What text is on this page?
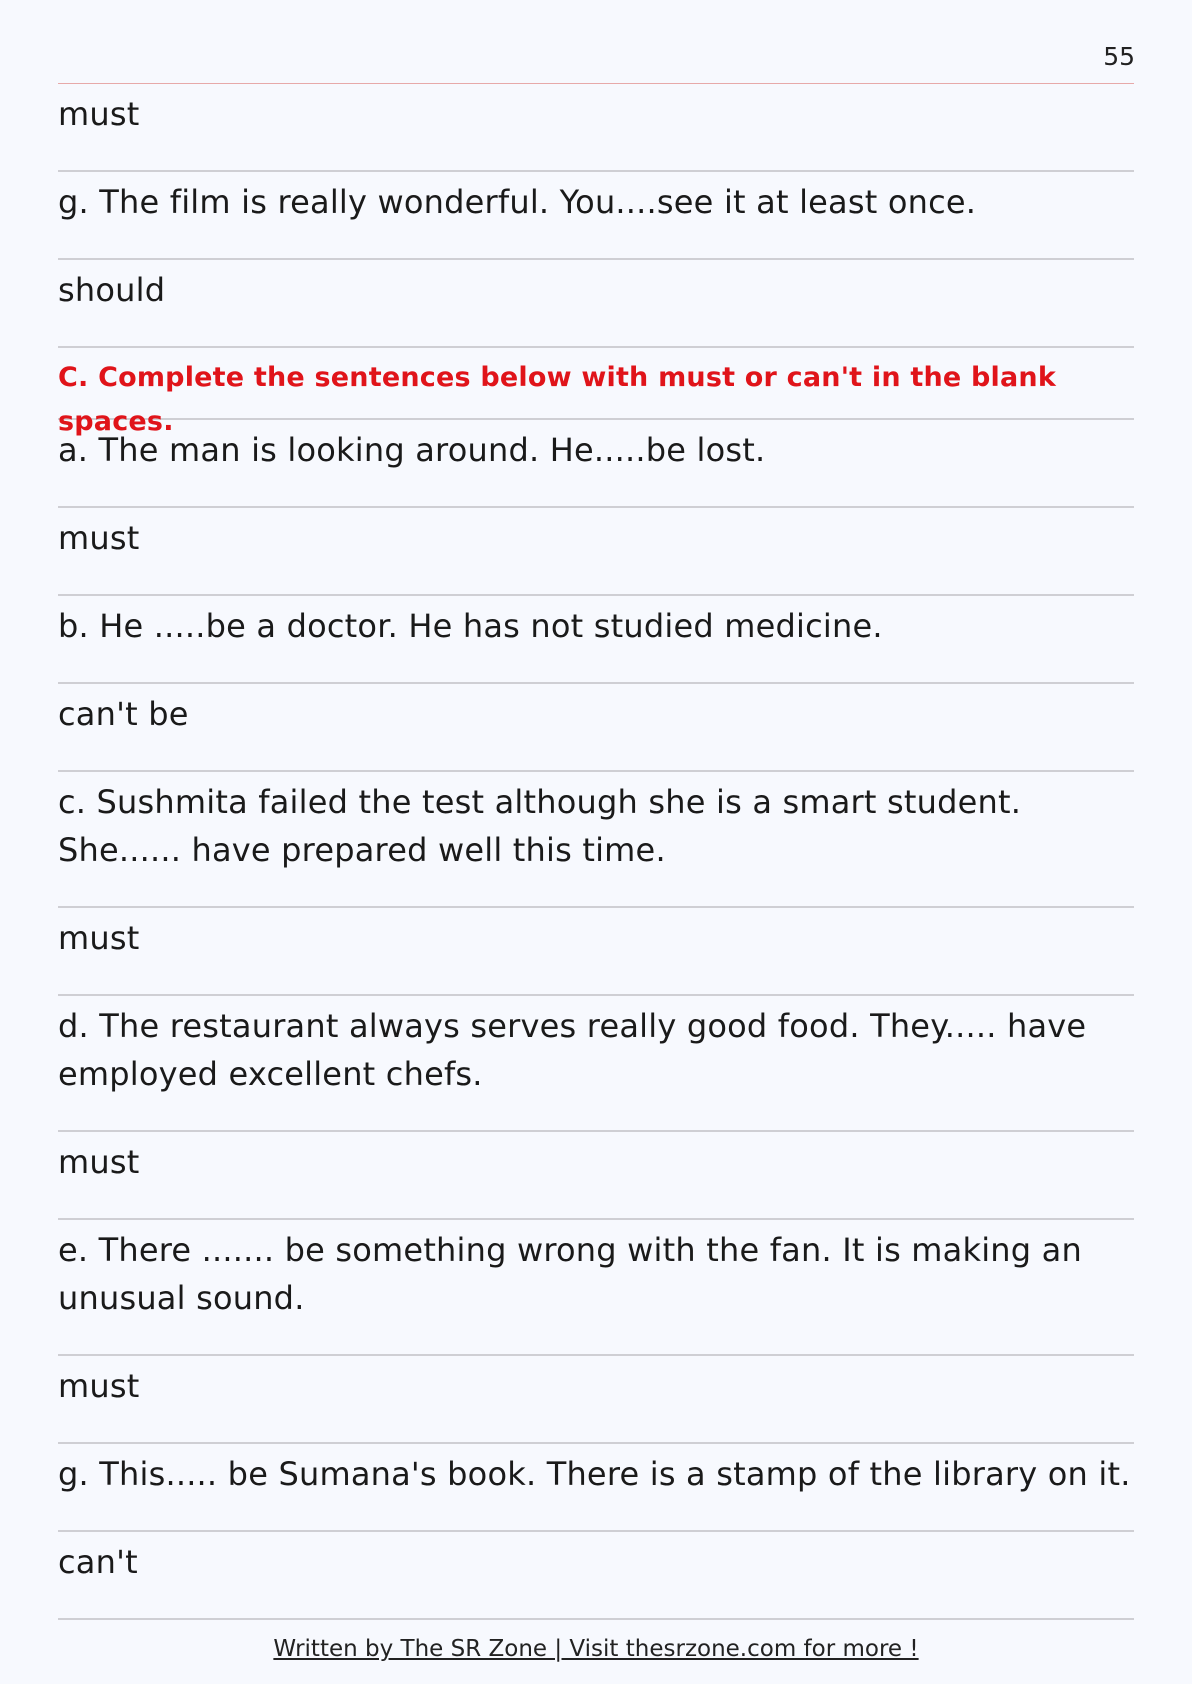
55
must
g. The film is really wonderful. You....see it at least once.
should
C. Complete the sentences below with must or can't in the blank spaces.
a. The man is looking around. He.....be lost.
must
b. He .....be a doctor. He has not studied medicine.
can't be
c. Sushmita failed the test although she is a smart student. She...... have prepared well this time.
must
d. The restaurant always serves really good food. They..... have employed excellent chefs.
must
e. There ....... be something wrong with the fan. It is making an unusual sound.
must
g. This..... be Sumana's book. There is a stamp of the library on it.
can't
Written by The SR Zone | Visit thesrzone.com for more !
